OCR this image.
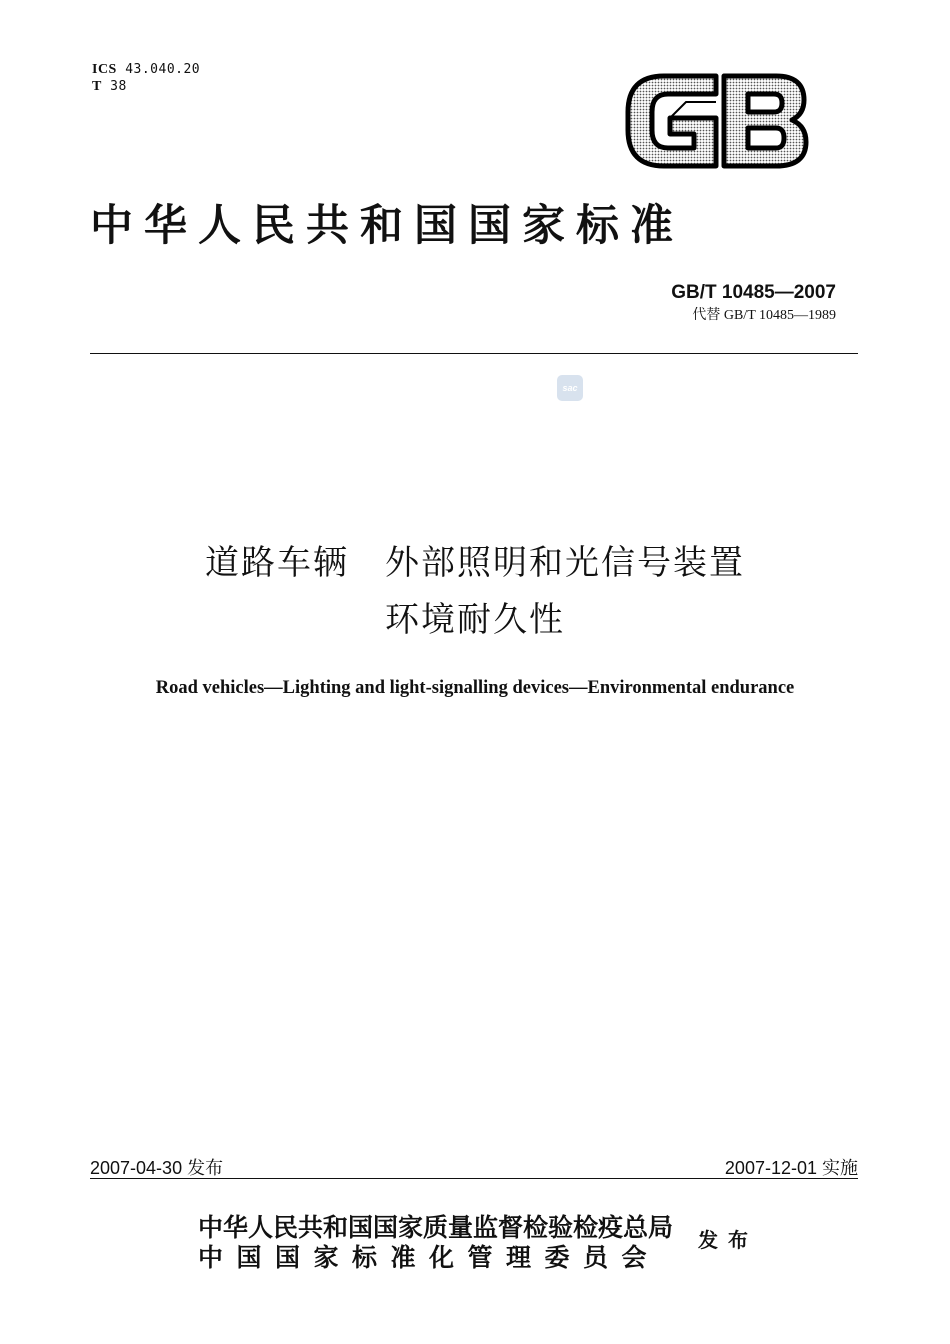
ICS 43.040.20
T 38
中华人民共和国国家标准
GB/T 10485—2007
代替 GB/T 10485—1989
sac
道路车辆　外部照明和光信号装置
环境耐久性
Road vehicles—Lighting and light-signalling devices—Environmental endurance
2007-04-30 发布	2007-12-01 实施
中华人民共和国国家质量监督检验检疫总局
中国国家标准化管理委员会
发布
